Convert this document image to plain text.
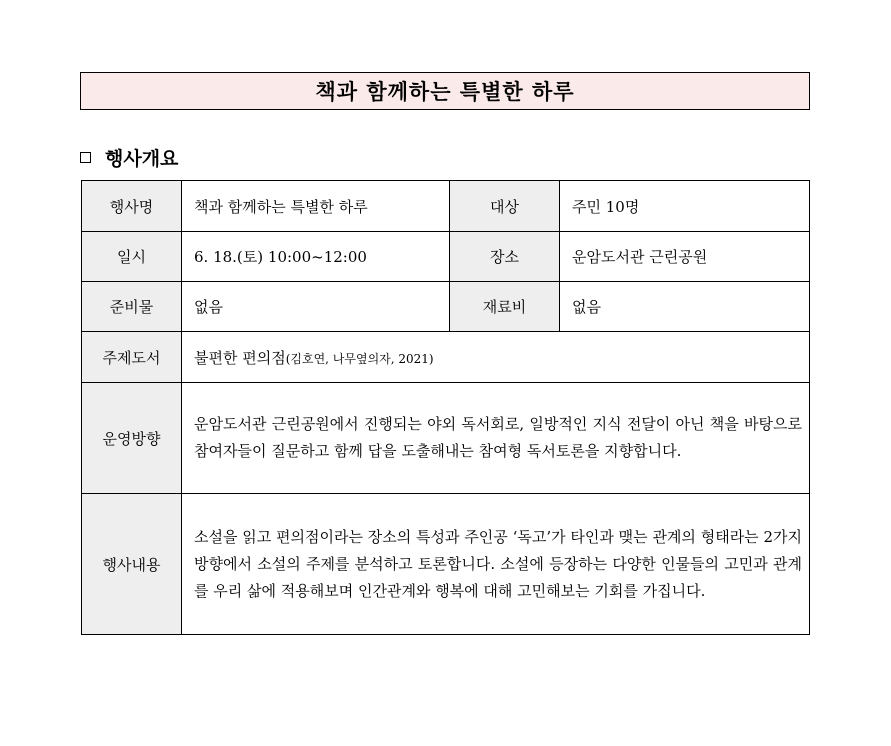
책과 함께하는 특별한 하루
행사개요
행사명	책과 함께하는 특별한 하루	대상	주민 10명
일시	6. 18.(토) 10:00~12:00	장소	운암도서관 근린공원
준비물	없음	재료비	없음
주제도서	불편한 편의점(김호연, 나무옆의자, 2021)		
운영방향	운암도서관 근린공원에서 진행되는 야외 독서회로, 일방적인 지식 전달이 아닌 책을 바탕으로 참여자들이 질문하고 함께 답을 도출해내는 참여형 독서토론을 지향합니다.		
행사내용	소설을 읽고 편의점이라는 장소의 특성과 주인공 ‘독고’가 타인과 맺는 관계의 형태라는 2가지 방향에서 소설의 주제를 분석하고 토론합니다. 소설에 등장하는 다양한 인물들의 고민과 관계를 우리 삶에 적용해보며 인간관계와 행복에 대해 고민해보는 기회를 가집니다.		
